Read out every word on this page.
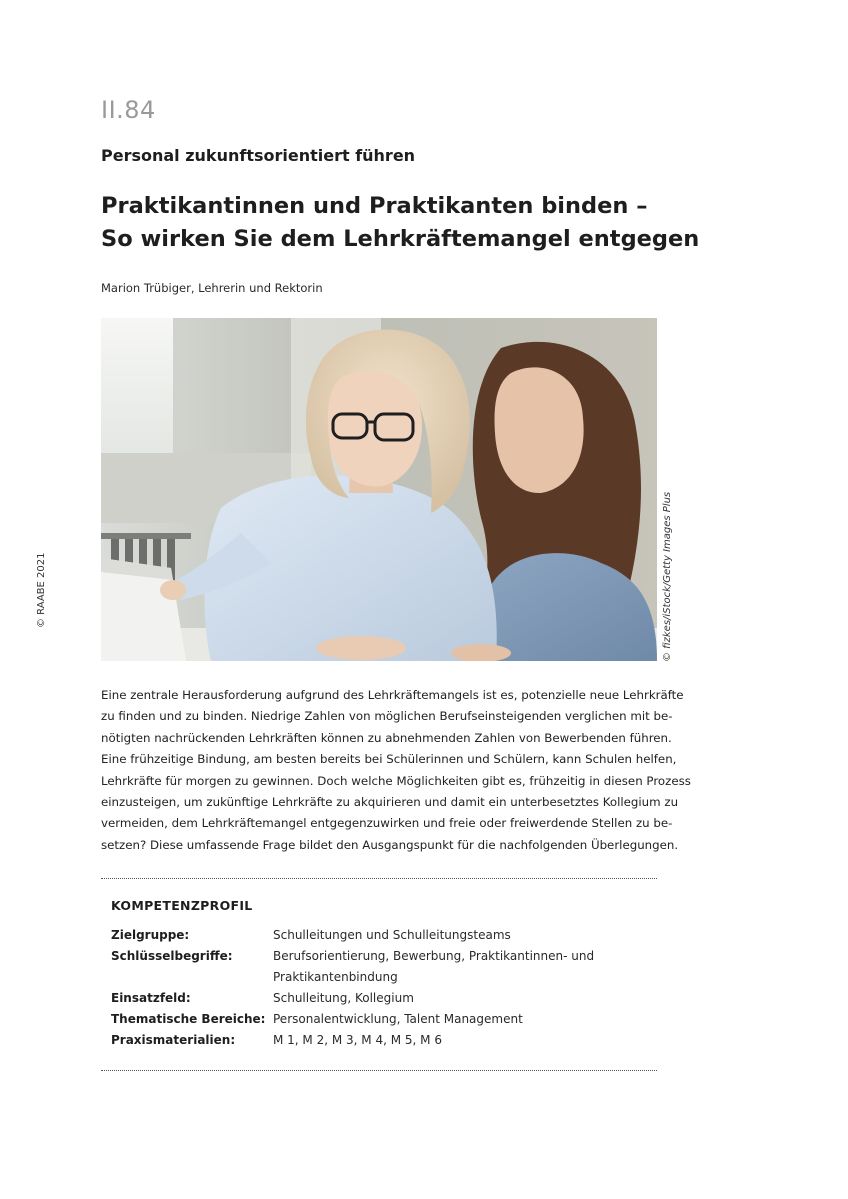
II.84
Personal zukunftsorientiert führen
Praktikantinnen und Praktikanten binden –
So wirken Sie dem Lehrkräftemangel entgegen
Marion Trübiger, Lehrerin und Rektorin
© fizkes/iStock/Getty Images Plus
© RAABE 2021
Eine zentrale Herausforderung aufgrund des Lehrkräftemangels ist es, potenzielle neue Lehrkräfte
zu finden und zu binden. Niedrige Zahlen von möglichen Berufseinsteigenden verglichen mit be-
nötigten nachrückenden Lehrkräften können zu abnehmenden Zahlen von Bewerbenden führen.
Eine frühzeitige Bindung, am besten bereits bei Schülerinnen und Schülern, kann Schulen helfen,
Lehrkräfte für morgen zu gewinnen. Doch welche Möglichkeiten gibt es, frühzeitig in diesen Prozess
einzusteigen, um zukünftige Lehrkräfte zu akquirieren und damit ein unterbesetztes Kollegium zu
vermeiden, dem Lehrkräftemangel entgegenzuwirken und freie oder freiwerdende Stellen zu be-
setzen? Diese umfassende Frage bildet den Ausgangspunkt für die nachfolgenden Überlegungen.
KOMPETENZPROFIL
Zielgruppe:	Schulleitungen und Schulleitungsteams
Schlüsselbegriffe:	Berufsorientierung, Bewerbung, Praktikantinnen- und
Praktikantenbindung
Einsatzfeld:	Schulleitung, Kollegium
Thematische Bereiche: Personalentwicklung, Talent Management
Praxismaterialien:	M 1, M 2, M 3, M 4, M 5, M 6
